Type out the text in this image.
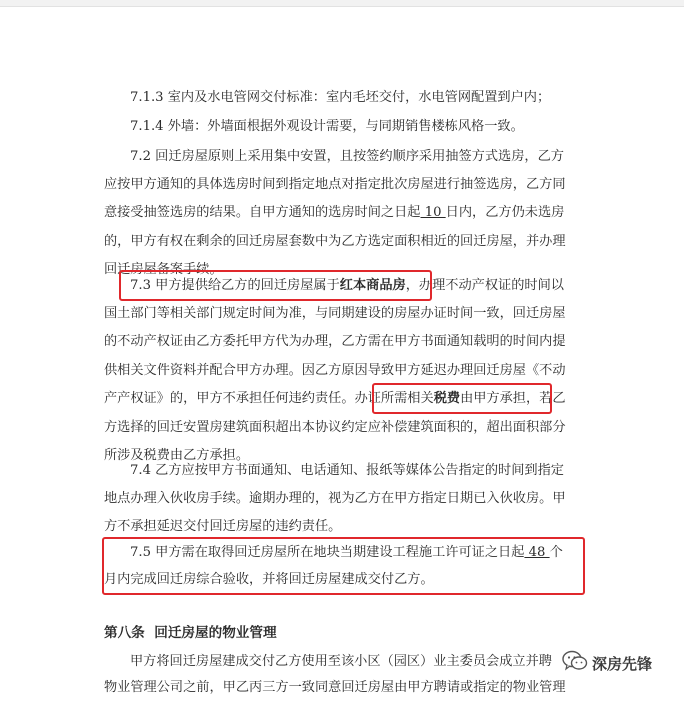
7.1.3 室内及水电管网交付标准：室内毛坯交付，水电管网配置到户内；
7.1.4 外墙：外墙面根据外观设计需要，与同期销售楼栋风格一致。
7.2 回迁房屋原则上采用集中安置，且按签约顺序采用抽签方式选房，乙方
应按甲方通知的具体选房时间到指定地点对指定批次房屋进行抽签选房，乙方同
意接受抽签选房的结果。自甲方通知的选房时间之日起 10 日内，乙方仍未选房
的，甲方有权在剩余的回迁房屋套数中为乙方选定面积相近的回迁房屋，并办理
回迁房屋备案手续。
7.3 甲方提供给乙方的回迁房屋属于红本商品房，办理不动产权证的时间以
国土部门等相关部门规定时间为准，与同期建设的房屋办证时间一致，回迁房屋
的不动产权证由乙方委托甲方代为办理，乙方需在甲方书面通知载明的时间内提
供相关文件资料并配合甲方办理。因乙方原因导致甲方延迟办理回迁房屋《不动
产产权证》的，甲方不承担任何违约责任。办证所需相关税费由甲方承担，若乙
方选择的回迁安置房建筑面积超出本协议约定应补偿建筑面积的，超出面积部分
所涉及税费由乙方承担。
7.4 乙方应按甲方书面通知、电话通知、报纸等媒体公告指定的时间到指定
地点办理入伙收房手续。逾期办理的，视为乙方在甲方指定日期已入伙收房。甲
方不承担延迟交付回迁房屋的违约责任。
7.5 甲方需在取得回迁房屋所在地块当期建设工程施工许可证之日起 48 个
月内完成回迁房综合验收，并将回迁房屋建成交付乙方。
第八条  回迁房屋的物业管理
甲方将回迁房屋建成交付乙方使用至该小区（园区）业主委员会成立并聘
物业管理公司之前，甲乙丙三方一致同意回迁房屋由甲方聘请或指定的物业管理
深房先锋
